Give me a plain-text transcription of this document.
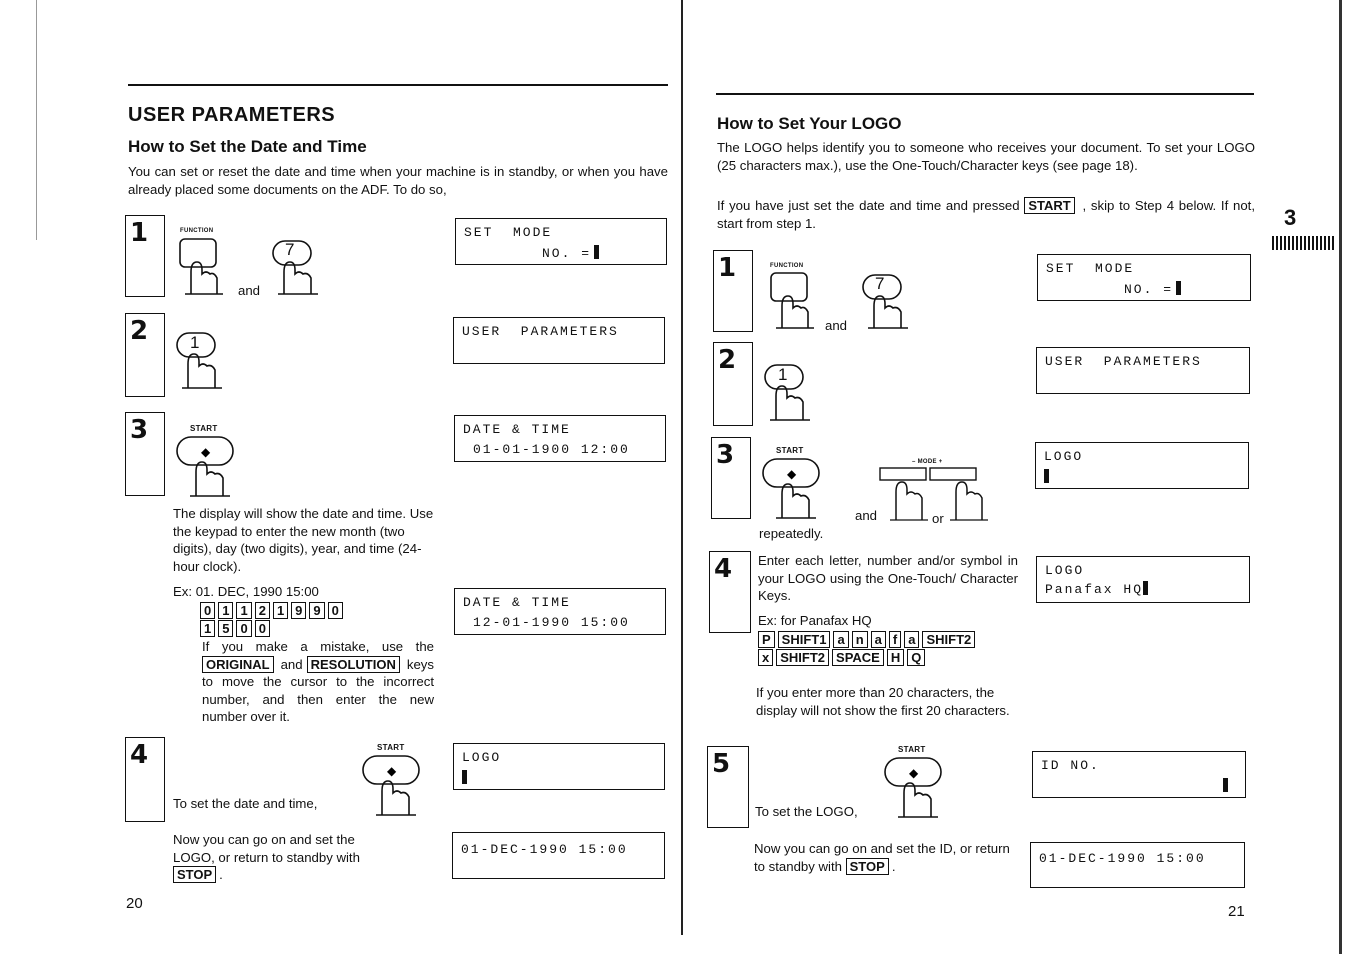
USER PARAMETERS
How to Set the Date and Time
You can set or reset the date and time when your machine is in standby, or when you have already placed some documents on the ADF. To do so,
1	FUNCTION
and
7
SET  MODE
NO. =
2 1
USER  PARAMETERS
3	START
◆
DATE & TIME
01-01-1900 12:00
The display will show the date and time. Use the keypad to enter the new month (two digits), day (two digits), year, and time (24-hour clock).
Ex: 01. DEC, 1990 15:00
0 1 1 2 1 9 9 0
1 5 0 0
If you make a mistake, use the ORIGINAL and RESOLUTION keys to move the cursor to the incorrect number, and then enter the new number over it.
DATE & TIME
12-01-1990 15:00
4	START
◆
To set the date and time,
LOGO
Now you can go on and set the LOGO, or return to standby with STOP .
01-DEC-1990 15:00
20
How to Set Your LOGO
The LOGO helps identify you to someone who receives your document. To set your LOGO (25 characters max.), use the One-Touch/Character keys (see page 18).
If you have just set the date and time and pressed START , skip to Step 4 below. If not, start from step 1.	3
1	FUNCTION
and
7
SET  MODE
NO. =
2 1
USER  PARAMETERS
3	START
◆
and
– MODE +
or
repeatedly.
LOGO
4 Enter each letter, number and/or symbol in your LOGO using the One-Touch/ Character Keys.
Ex: for Panafax HQ
P SHIFT1 a n a f a SHIFT2
x SHIFT2 SPACE H Q
If you enter more than 20 characters, the display will not show the first 20 characters.
LOGO
Panafax HQ
5	START
◆
To set the LOGO,
ID NO.
Now you can go on and set the ID, or return to standby with STOP .	01-DEC-1990 15:00
21
